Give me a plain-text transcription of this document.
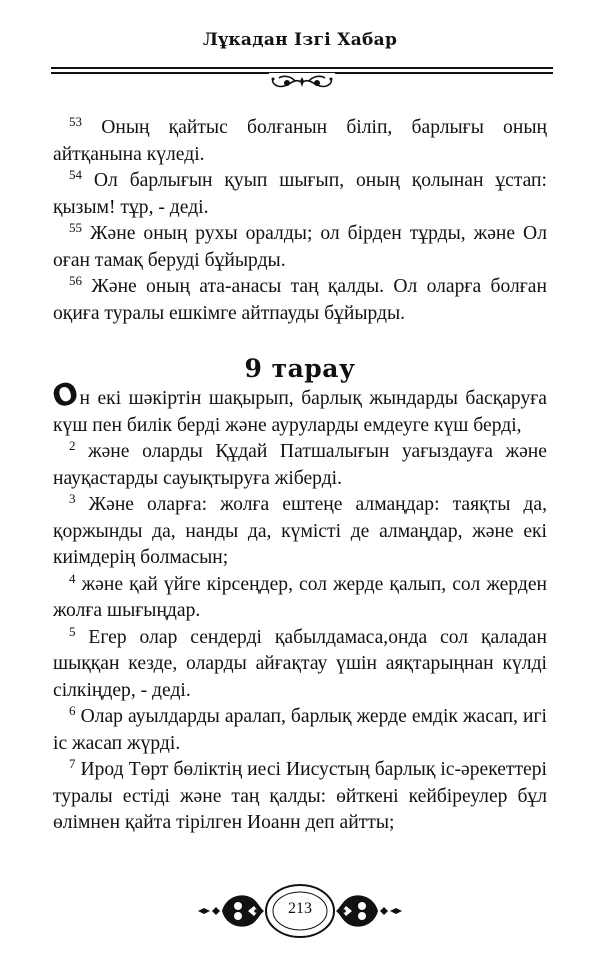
Лұкадан Ізгі Хабар

$^{53}$ Оның қайтыс болғанын біліп, барлығы оның айтқанына күледі.

$^{54}$ Ол барлығын қуып шығып, оның қолынан ұстап: қызым! тұр, - деді.

$^{55}$ Және оның рухы оралды; ол бірден тұрды, және Ол оған тамақ беруді бұйырды.

$^{56}$ Және оның ата-анасы таң қалды. Ол оларға болған оқиға туралы ешкімге айтпауды бұйырды.

9 тарау

Он екі шәкіртін шақырып, барлық жындарды басқаруға күш пен билік берді және ауруларды емдеуге күш берді,

$^2$ және оларды Құдай Патшалығын уағыздауға және науқастарды сауықтыруға жіберді.

$^3$ Және оларға: жолға ештеңе алмаңдар: таяқты да, қоржынды да, нанды да, күмісті де алмаңдар, және екі киімдерің болмасын;

$^4$ және қай үйге кірсеңдер, сол жерде қалып, сол жерден жолға шығыңдар.

$^5$ Егер олар сендерді қабылдамаса,онда сол қаладан шыққан кезде, оларды айғақтау үшін аяқтарыңнан күлді сілкіңдер, - деді.

$^6$ Олар ауылдарды аралап, барлық жерде емдік жасап, игі іс жасап жүрді.

$^7$ Ирод Төрт бөліктің иесі Иисустың барлық іс-әрекеттері туралы естіді және таң қалды: өйткені кейбіреулер бұл өлімнен қайта тірілген Иоанн деп айтты;

213
